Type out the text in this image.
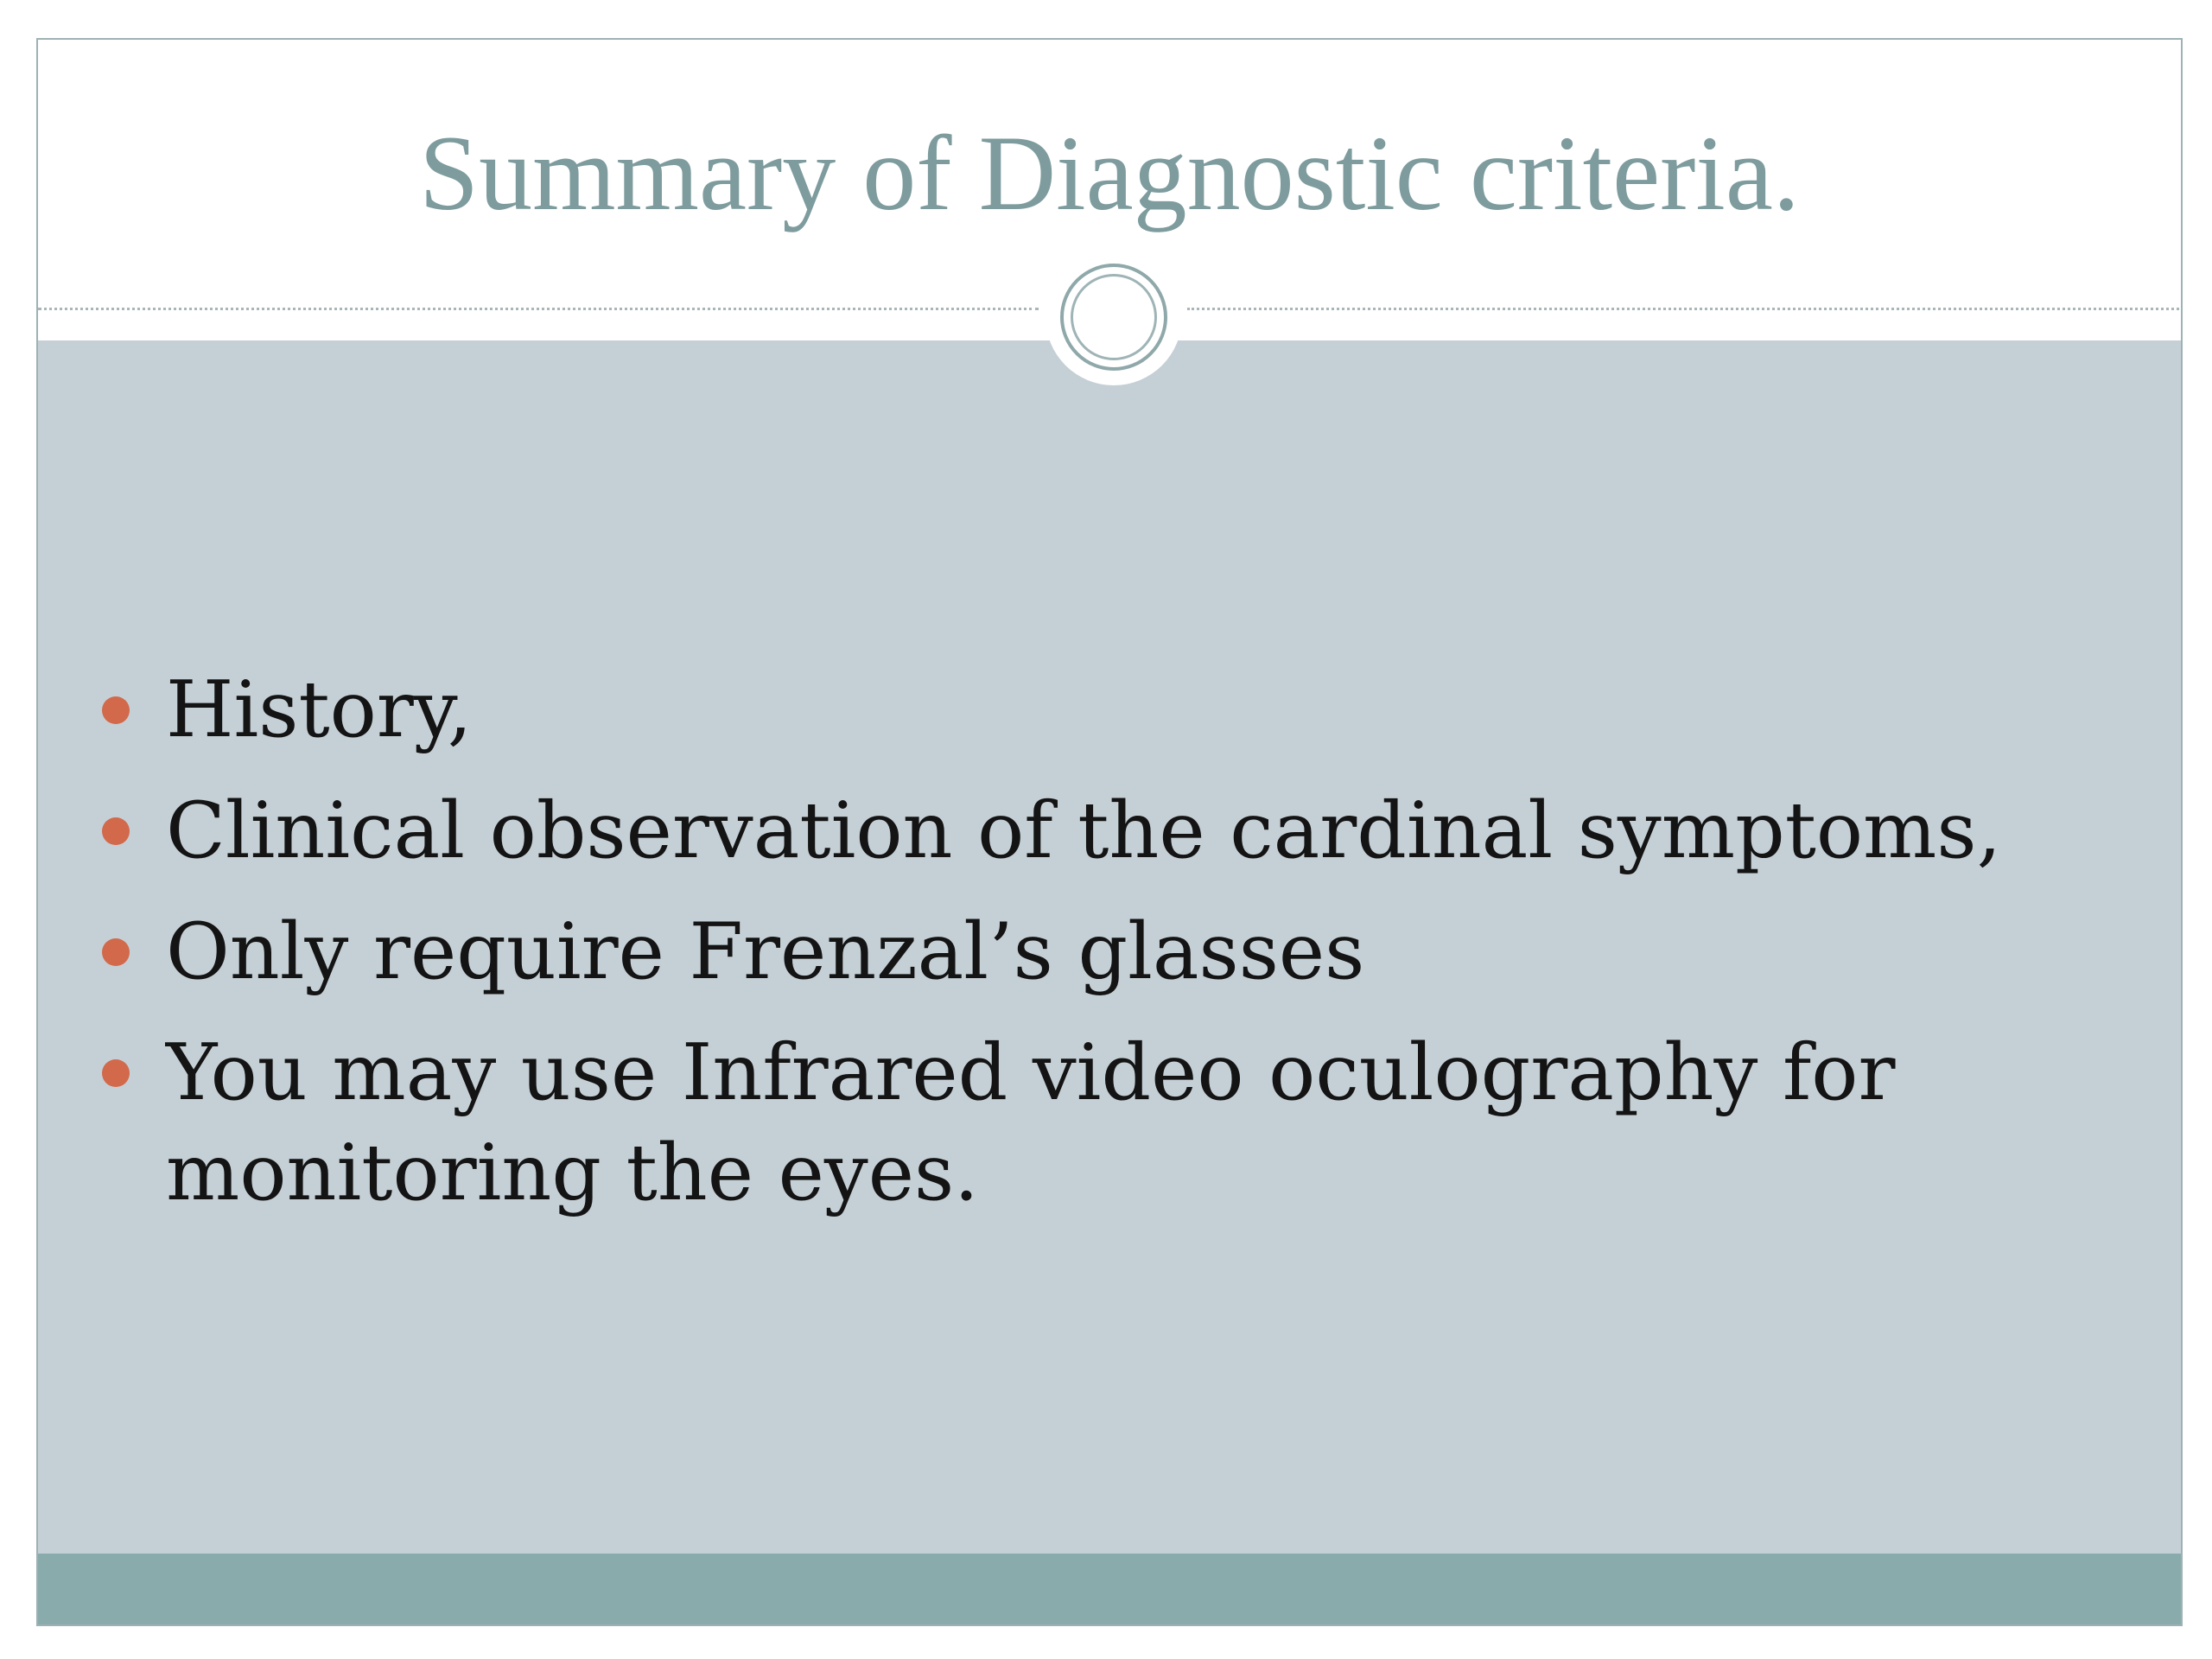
Summary of Diagnostic criteria.
History,
Clinical observation of the cardinal symptoms,
Only require Frenzal’s glasses
You may use Infrared video oculography for monitoring the eyes.
